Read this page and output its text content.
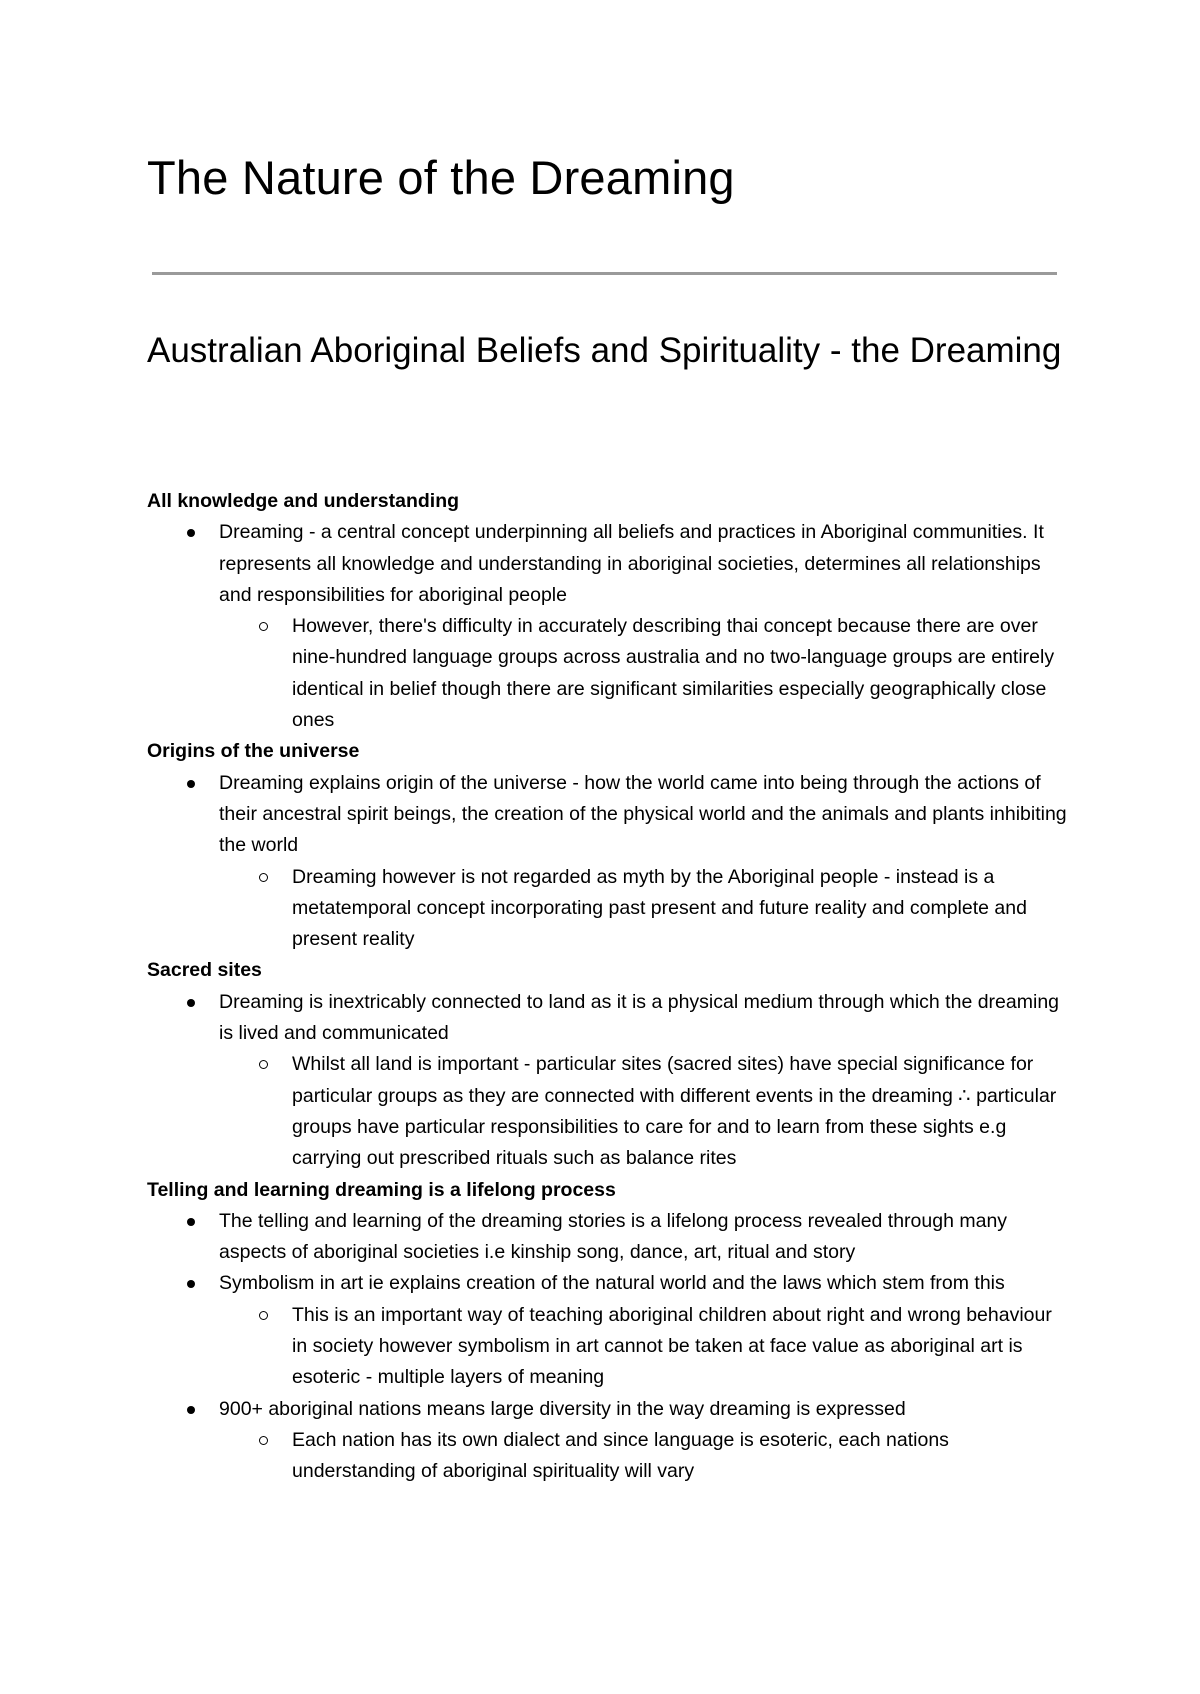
The Nature of the Dreaming
Australian Aboriginal Beliefs and Spirituality - the Dreaming

All knowledge and understanding

Dreaming - a central concept underpinning all beliefs and practices in Aboriginal communities. It represents all knowledge and understanding in aboriginal societies, determines all relationships and responsibilities for aboriginal people
However, there's difficulty in accurately describing thai concept because there are over nine-hundred language groups across australia and no two-language groups are entirely identical in belief though there are significant similarities especially geographically close ones

Origins of the universe

Dreaming explains origin of the universe - how the world came into being through the actions of their ancestral spirit beings, the creation of the physical world and the animals and plants inhibiting the world
Dreaming however is not regarded as myth by the Aboriginal people - instead is a metatemporal concept incorporating past present and future reality and complete and present reality

Sacred sites

Dreaming is inextricably connected to land as it is a physical medium through which the dreaming is lived and communicated
Whilst all land is important - particular sites (sacred sites) have special significance for particular groups as they are connected with different events in the dreaming ∴ particular groups have particular responsibilities to care for and to learn from these sights e.g carrying out prescribed rituals such as balance rites

Telling and learning dreaming is a lifelong process

The telling and learning of the dreaming stories is a lifelong process revealed through many aspects of aboriginal societies i.e kinship song, dance, art, ritual and story
Symbolism in art ie explains creation of the natural world and the laws which stem from this
This is an important way of teaching aboriginal children about right and wrong behaviour in society however symbolism in art cannot be taken at face value as aboriginal art is esoteric - multiple layers of meaning
900+ aboriginal nations means large diversity in the way dreaming is expressed
Each nation has its own dialect and since language is esoteric, each nations understanding of aboriginal spirituality will vary
